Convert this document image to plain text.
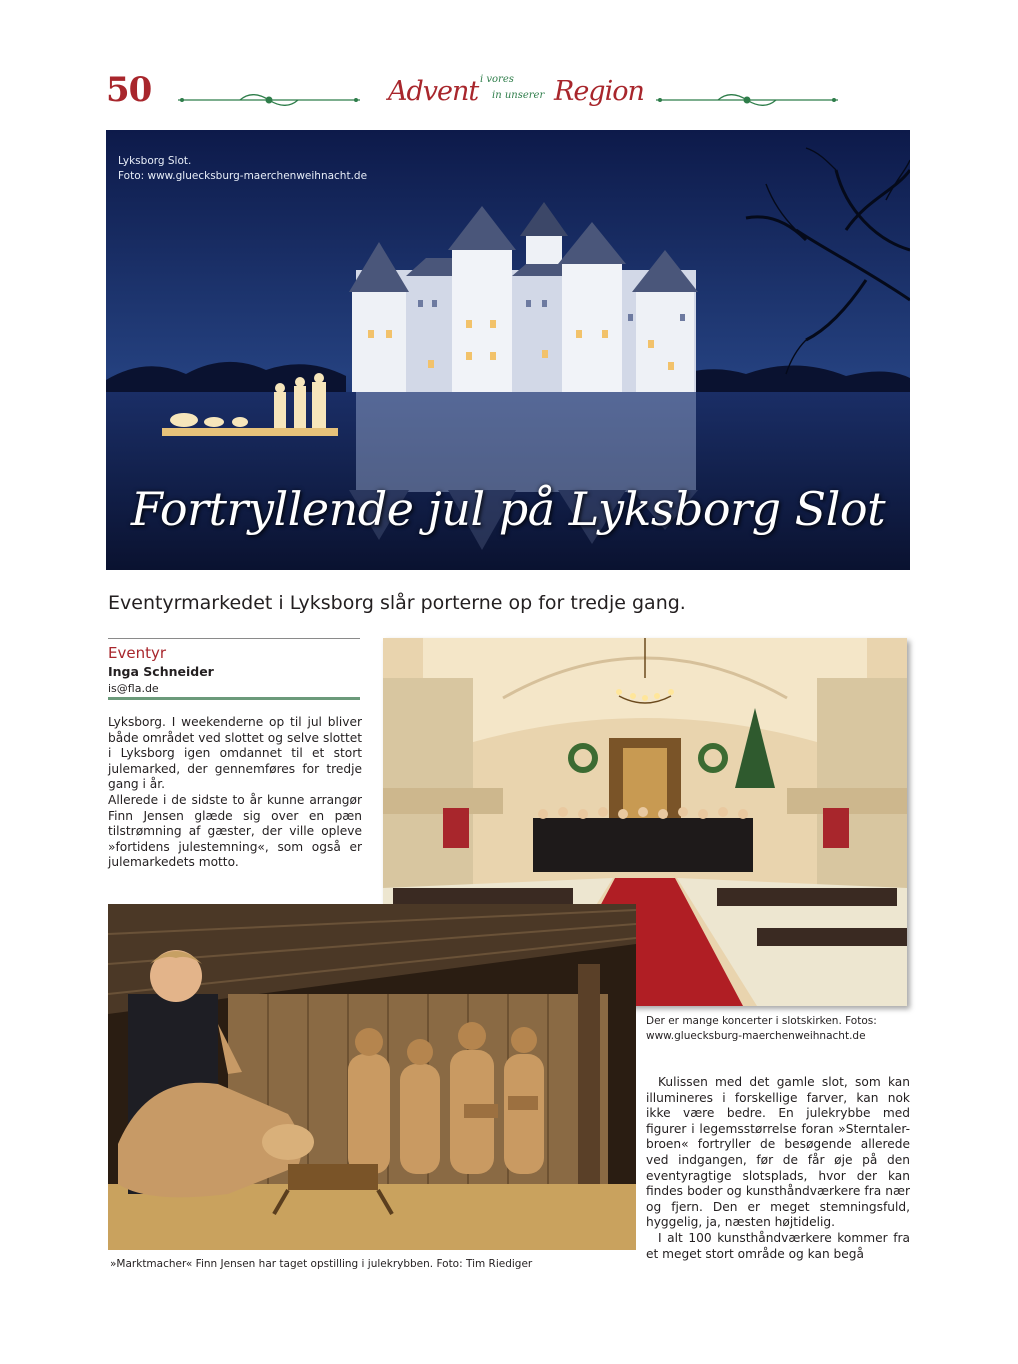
50	Advent i vores
in unserer Region
Lyksborg Slot.
Foto: www.gluecksburg-maerchenweihnacht.de
Fortryllende jul på Lyksborg Slot
Eventyrmarkedet i Lyksborg slår porterne op for tredje gang.
Eventyr
Inga Schneider
is@fla.de

Lyksborg. I weekenderne op til jul bliver både området ved slottet og selve slottet i Lyksborg igen omdannet til et stort julemarked, der gennemføres for tredje gang i år.

Allerede i de sidste to år kunne arrangør Finn Jensen glæde sig over en pæn tilstrømning af gæster, der ville opleve »fortidens julestemning«, som også er julemarkedets motto.

Der er mange koncerter i slotskirken. Fotos: www.gluecksburg-maerchenweihnacht.de
»Marktmacher« Finn Jensen har taget opstilling i julekrybben. Foto: Tim Riediger

Kulissen med det gamle slot, som kan illumineres i forskellige farver, kan nok ikke være bedre. En julekrybbe med figurer i legemsstørrelse foran »Sterntaler-broen« fortryller de besøgende allerede ved indgangen, før de får øje på den eventyragtige slotsplads, hvor der kan findes boder og kunsthåndværkere fra nær og fjern. Den er meget stemningsfuld, hyggelig, ja, næsten højtidelig.

I alt 100 kunsthåndværkere kommer fra et meget stort område og kan begå
